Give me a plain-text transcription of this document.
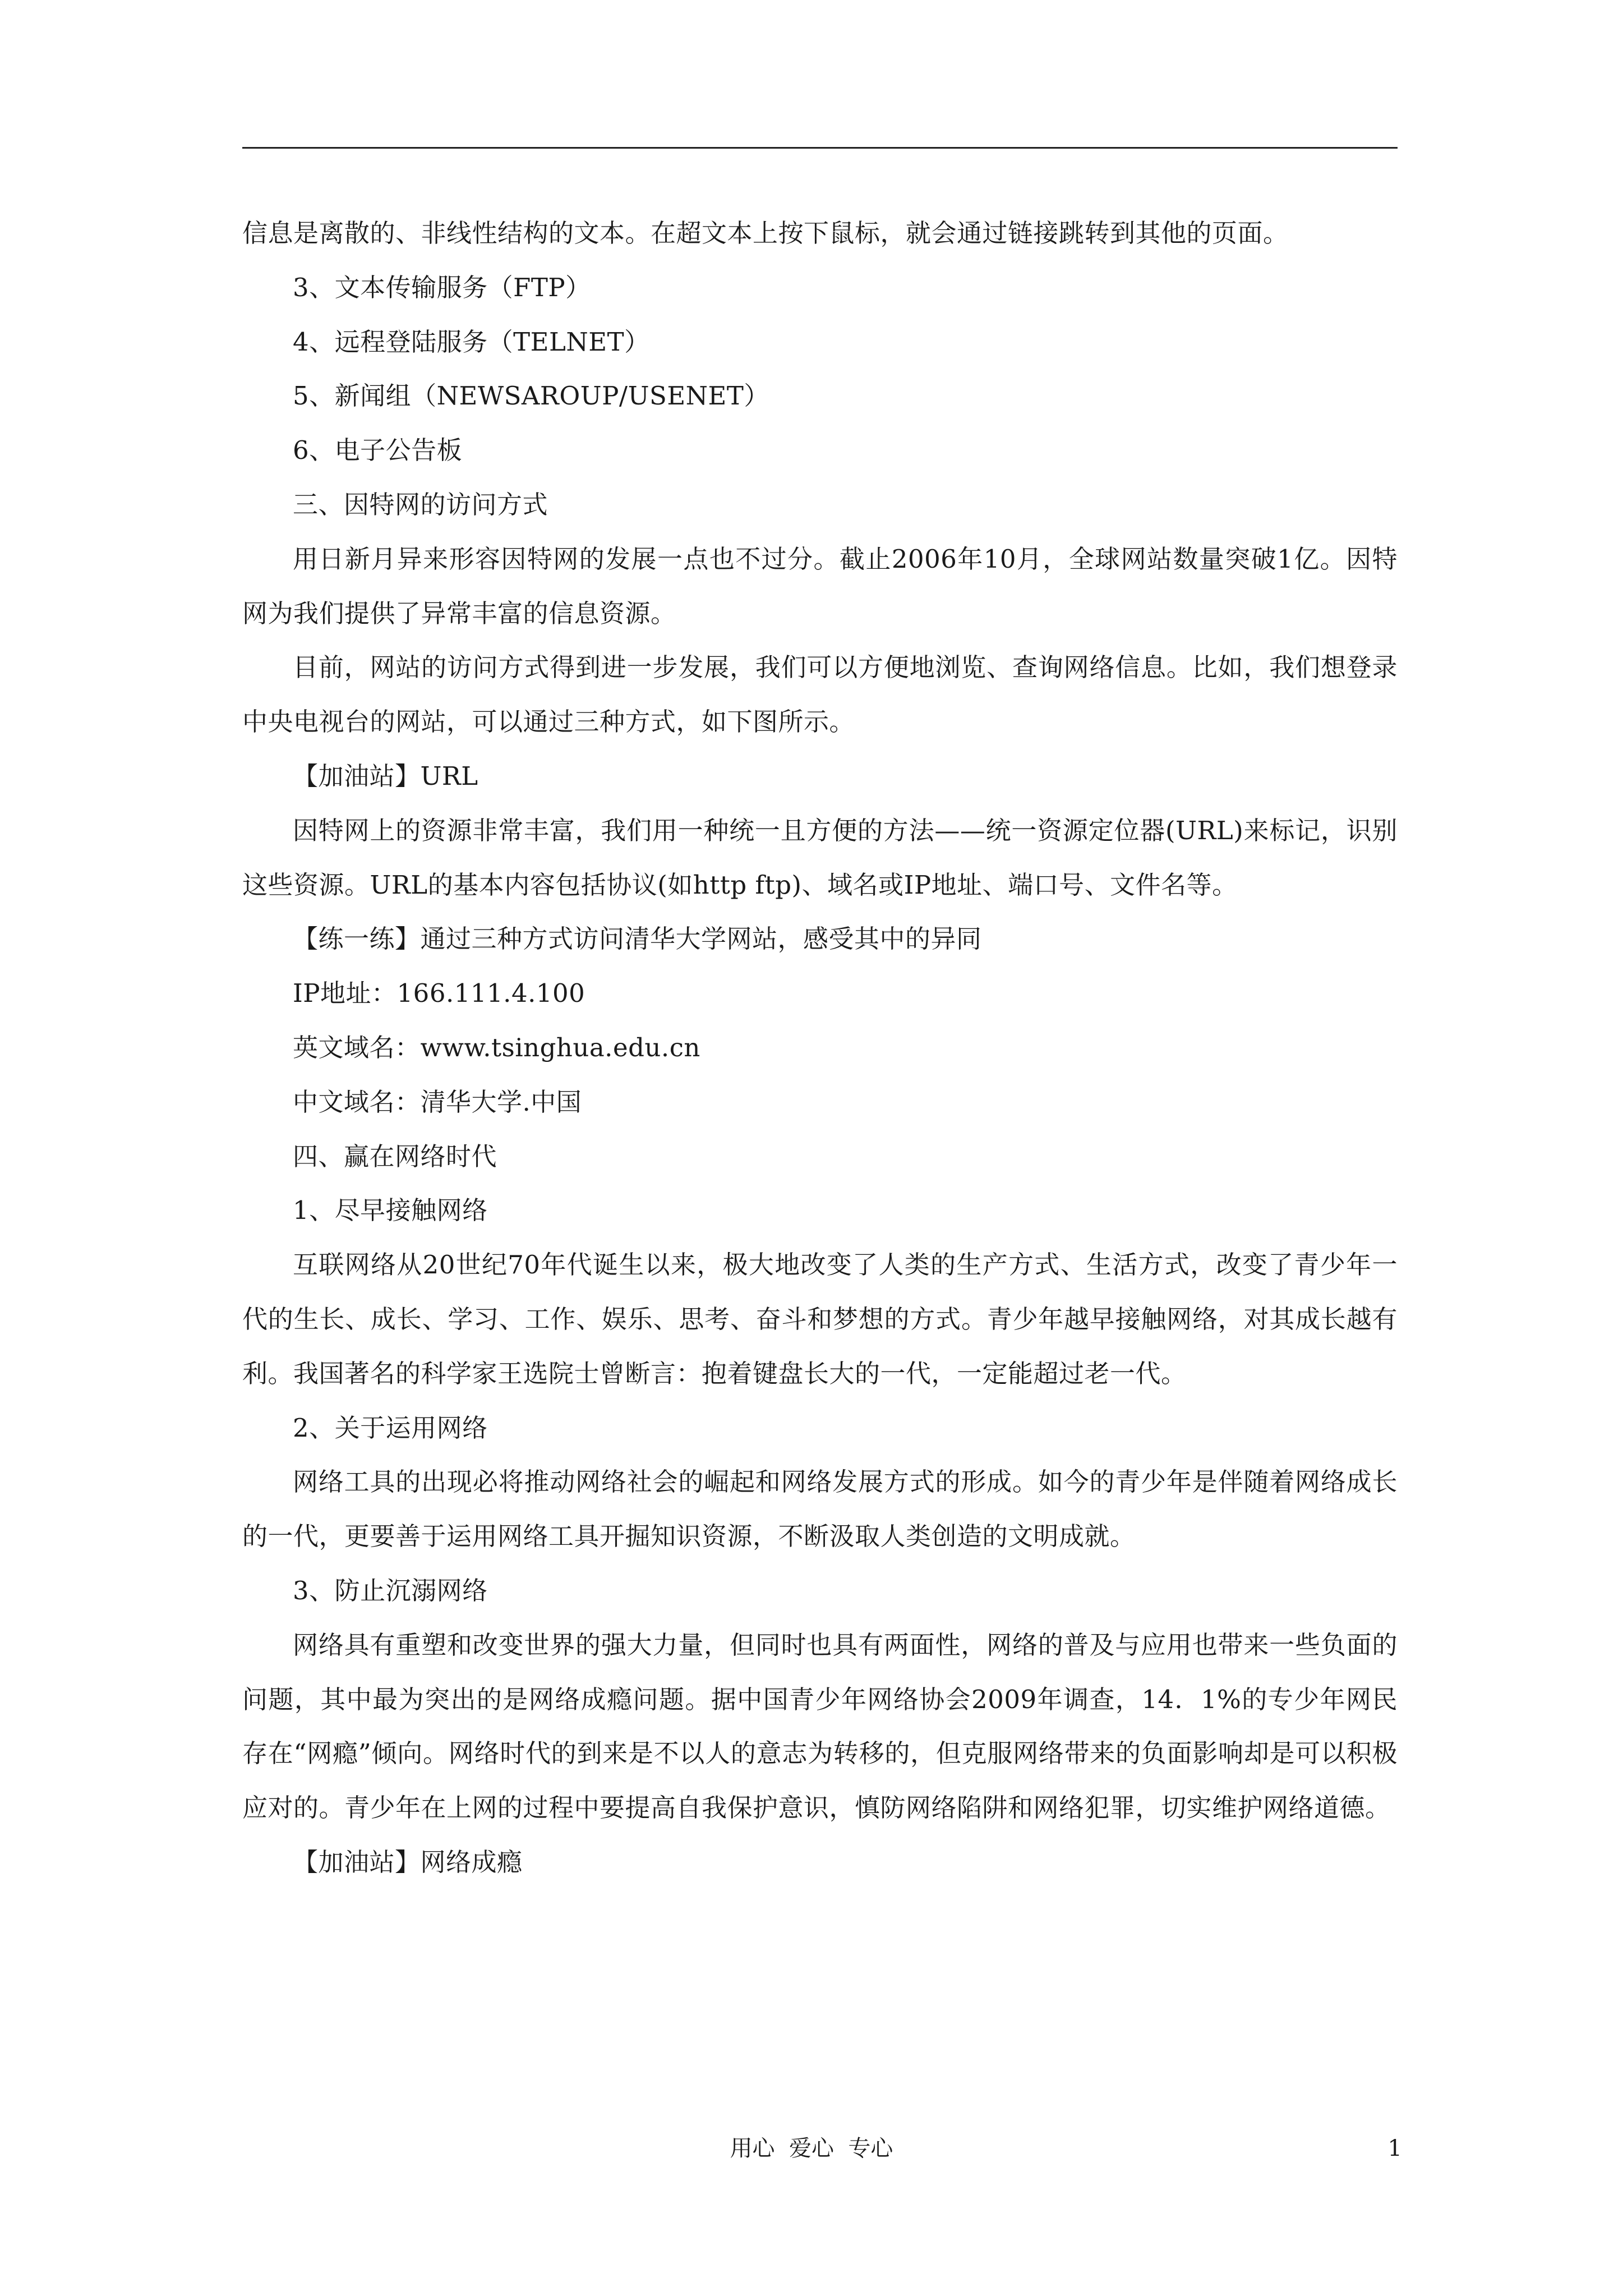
信息是离散的、非线性结构的文本。在超文本上按下鼠标，就会通过链接跳转到其他的页面。

3、文本传输服务（FTP）

4、远程登陆服务（TELNET）

5、新闻组（NEWSAROUP/USENET）

6、电子公告板

三、因特网的访问方式

用日新月异来形容因特网的发展一点也不过分。截止2006年10月，全球网站数量突破1亿。因特网为我们提供了异常丰富的信息资源。

目前，网站的访问方式得到进一步发展，我们可以方便地浏览、查询网络信息。比如，我们想登录中央电视台的网站，可以通过三种方式，如下图所示。

【加油站】URL

因特网上的资源非常丰富，我们用一种统一且方便的方法——统一资源定位器(URL)来标记，识别这些资源。URL的基本内容包括协议(如http ftp)、域名或IP地址、端口号、文件名等。

【练一练】通过三种方式访问清华大学网站，感受其中的异同

IP地址：166.111.4.100

英文域名：www.tsinghua.edu.cn

中文域名：清华大学.中国

四、赢在网络时代

1、尽早接触网络

互联网络从20世纪70年代诞生以来，极大地改变了人类的生产方式、生活方式，改变了青少年一代的生长、成长、学习、工作、娱乐、思考、奋斗和梦想的方式。青少年越早接触网络，对其成长越有利。我国著名的科学家王选院士曾断言：抱着键盘长大的一代，一定能超过老一代。

2、关于运用网络

网络工具的出现必将推动网络社会的崛起和网络发展方式的形成。如今的青少年是伴随着网络成长的一代，更要善于运用网络工具开掘知识资源，不断汲取人类创造的文明成就。

3、防止沉溺网络

网络具有重塑和改变世界的强大力量，但同时也具有两面性，网络的普及与应用也带来一些负面的问题，其中最为突出的是网络成瘾问题。据中国青少年网络协会2009年调查，14．1%的专少年网民存在“网瘾”倾向。网络时代的到来是不以人的意志为转移的，但克服网络带来的负面影响却是可以积极应对的。青少年在上网的过程中要提高自我保护意识，慎防网络陷阱和网络犯罪，切实维护网络道德。

【加油站】网络成瘾

用心  爱心  专心	1
